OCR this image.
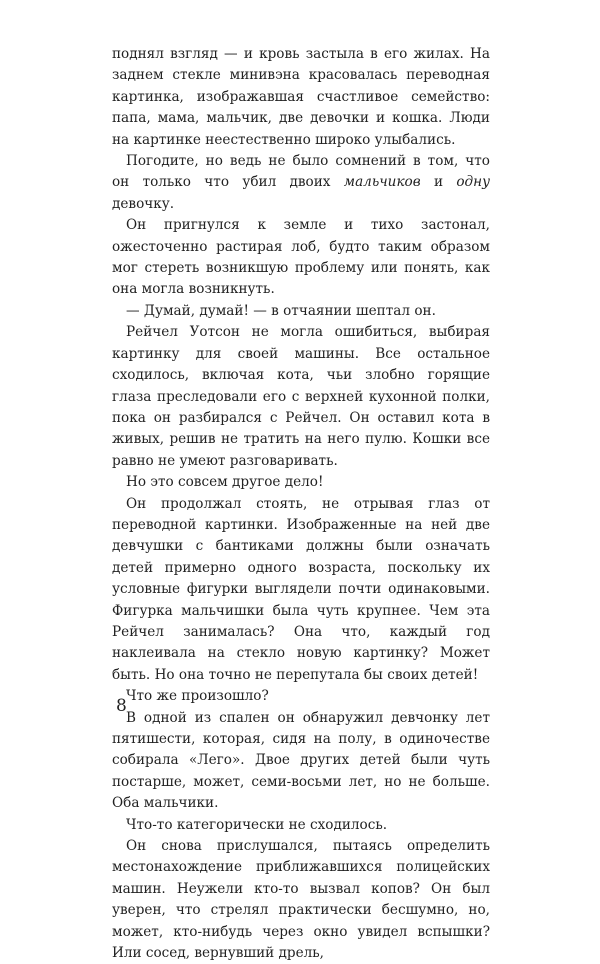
поднял взгляд — и кровь застыла в его жилах. На заднем стекле минивэна красовалась переводная картинка, изображавшая счастливое семейство: папа, мама, мальчик, две девочки и кошка. Люди на картинке неестественно широко улыбались.

Погодите, но ведь не было сомнений в том, что он только что убил двоих мальчиков и одну девочку.

Он пригнулся к земле и тихо застонал, ожесточенно растирая лоб, будто таким образом мог стереть возникшую проблему или понять, как она могла возникнуть.

— Думай, думай! — в отчаянии шептал он.

Рейчел Уотсон не могла ошибиться, выбирая картинку для своей машины. Все остальное сходилось, включая кота, чьи злобно горящие глаза преследовали его с верхней кухонной полки, пока он разбирался с Рейчел. Он оставил кота в живых, решив не тратить на него пулю. Кошки все равно не умеют разговаривать.

Но это совсем другое дело!

Он продолжал стоять, не отрывая глаз от переводной картинки. Изображенные на ней две девчушки с бантиками должны были означать детей примерно одного возраста, поскольку их условные фигурки выглядели почти одинаковыми. Фигурка мальчишки была чуть крупнее. Чем эта Рейчел занималась? Она что, каждый год наклеивала на стекло новую картинку? Может быть. Но она точно не перепутала бы своих детей!

Что же произошло?

В одной из спален он обнаружил девчонку лет пятишести, которая, сидя на полу, в одиночестве собирала «Лего». Двое других детей были чуть постарше, может, семи-восьми лет, но не больше. Оба мальчики.

Что-то категорически не сходилось.

Он снова прислушался, пытаясь определить местонахождение приближавшихся полицейских машин. Неужели кто-то вызвал копов? Он был уверен, что стрелял практически бесшумно, но, может, кто-нибудь через окно увидел вспышки? Или сосед, вернувший дрель,

8
